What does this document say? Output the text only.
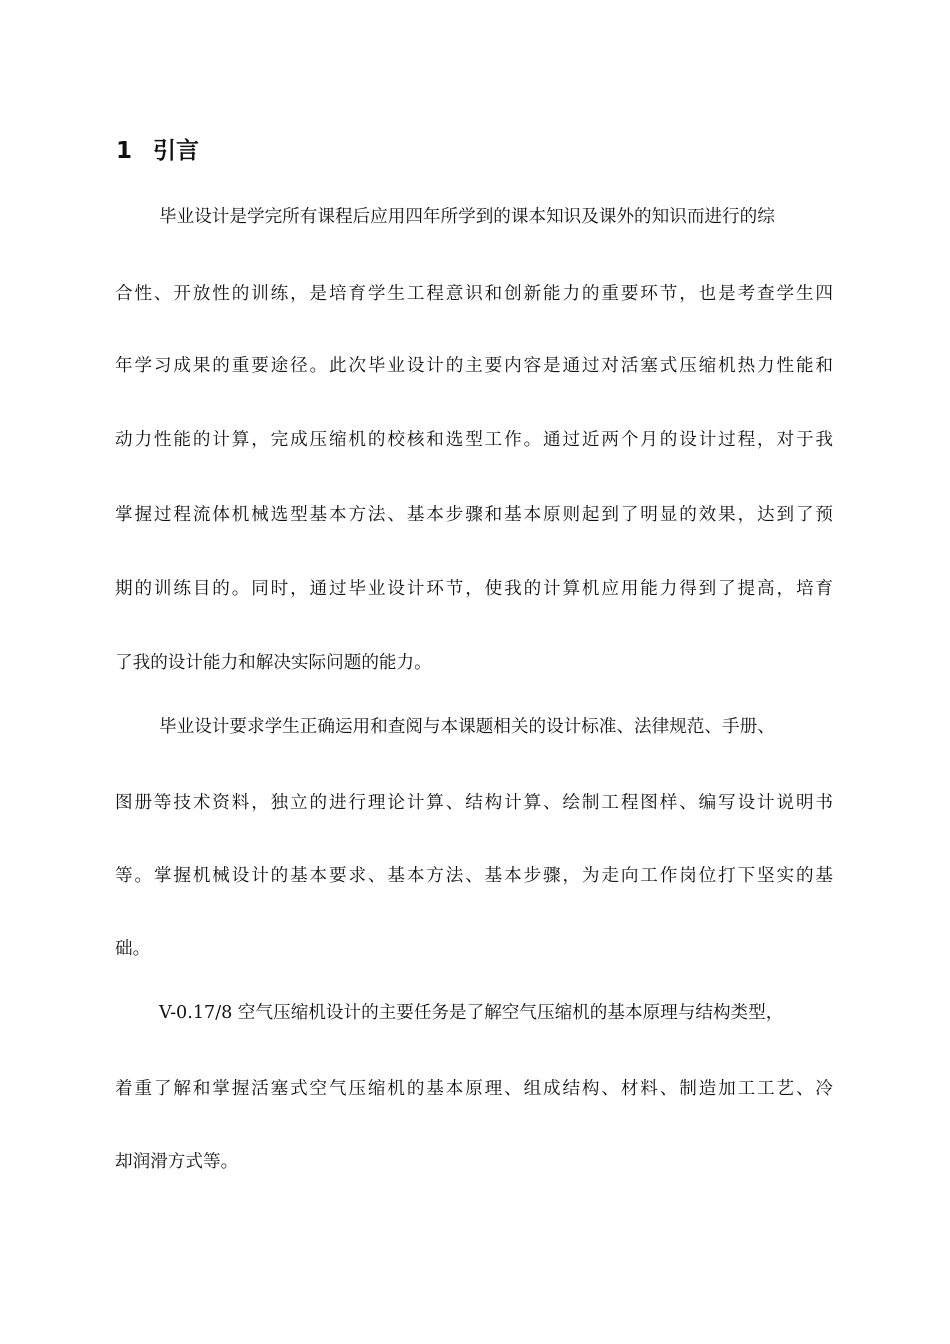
1 引言
毕业设计是学完所有课程后应用四年所学到的课本知识及课外的知识而进行的综
合性、开放性的训练，是培育学生工程意识和创新能力的重要环节，也是考查学生四
年学习成果的重要途径。此次毕业设计的主要内容是通过对活塞式压缩机热力性能和
动力性能的计算，完成压缩机的校核和选型工作。通过近两个月的设计过程，对于我
掌握过程流体机械选型基本方法、基本步骤和基本原则起到了明显的效果，达到了预
期的训练目的。同时，通过毕业设计环节，使我的计算机应用能力得到了提高，培育
了我的设计能力和解决实际问题的能力。
毕业设计要求学生正确运用和查阅与本课题相关的设计标准、法律规范、手册、
图册等技术资料，独立的进行理论计算、结构计算、绘制工程图样、编写设计说明书
等。掌握机械设计的基本要求、基本方法、基本步骤，为走向工作岗位打下坚实的基
础。
V-0.17/8 空气压缩机设计的主要任务是了解空气压缩机的基本原理与结构类型，
着重了解和掌握活塞式空气压缩机的基本原理、组成结构、材料、制造加工工艺、冷
却润滑方式等。
